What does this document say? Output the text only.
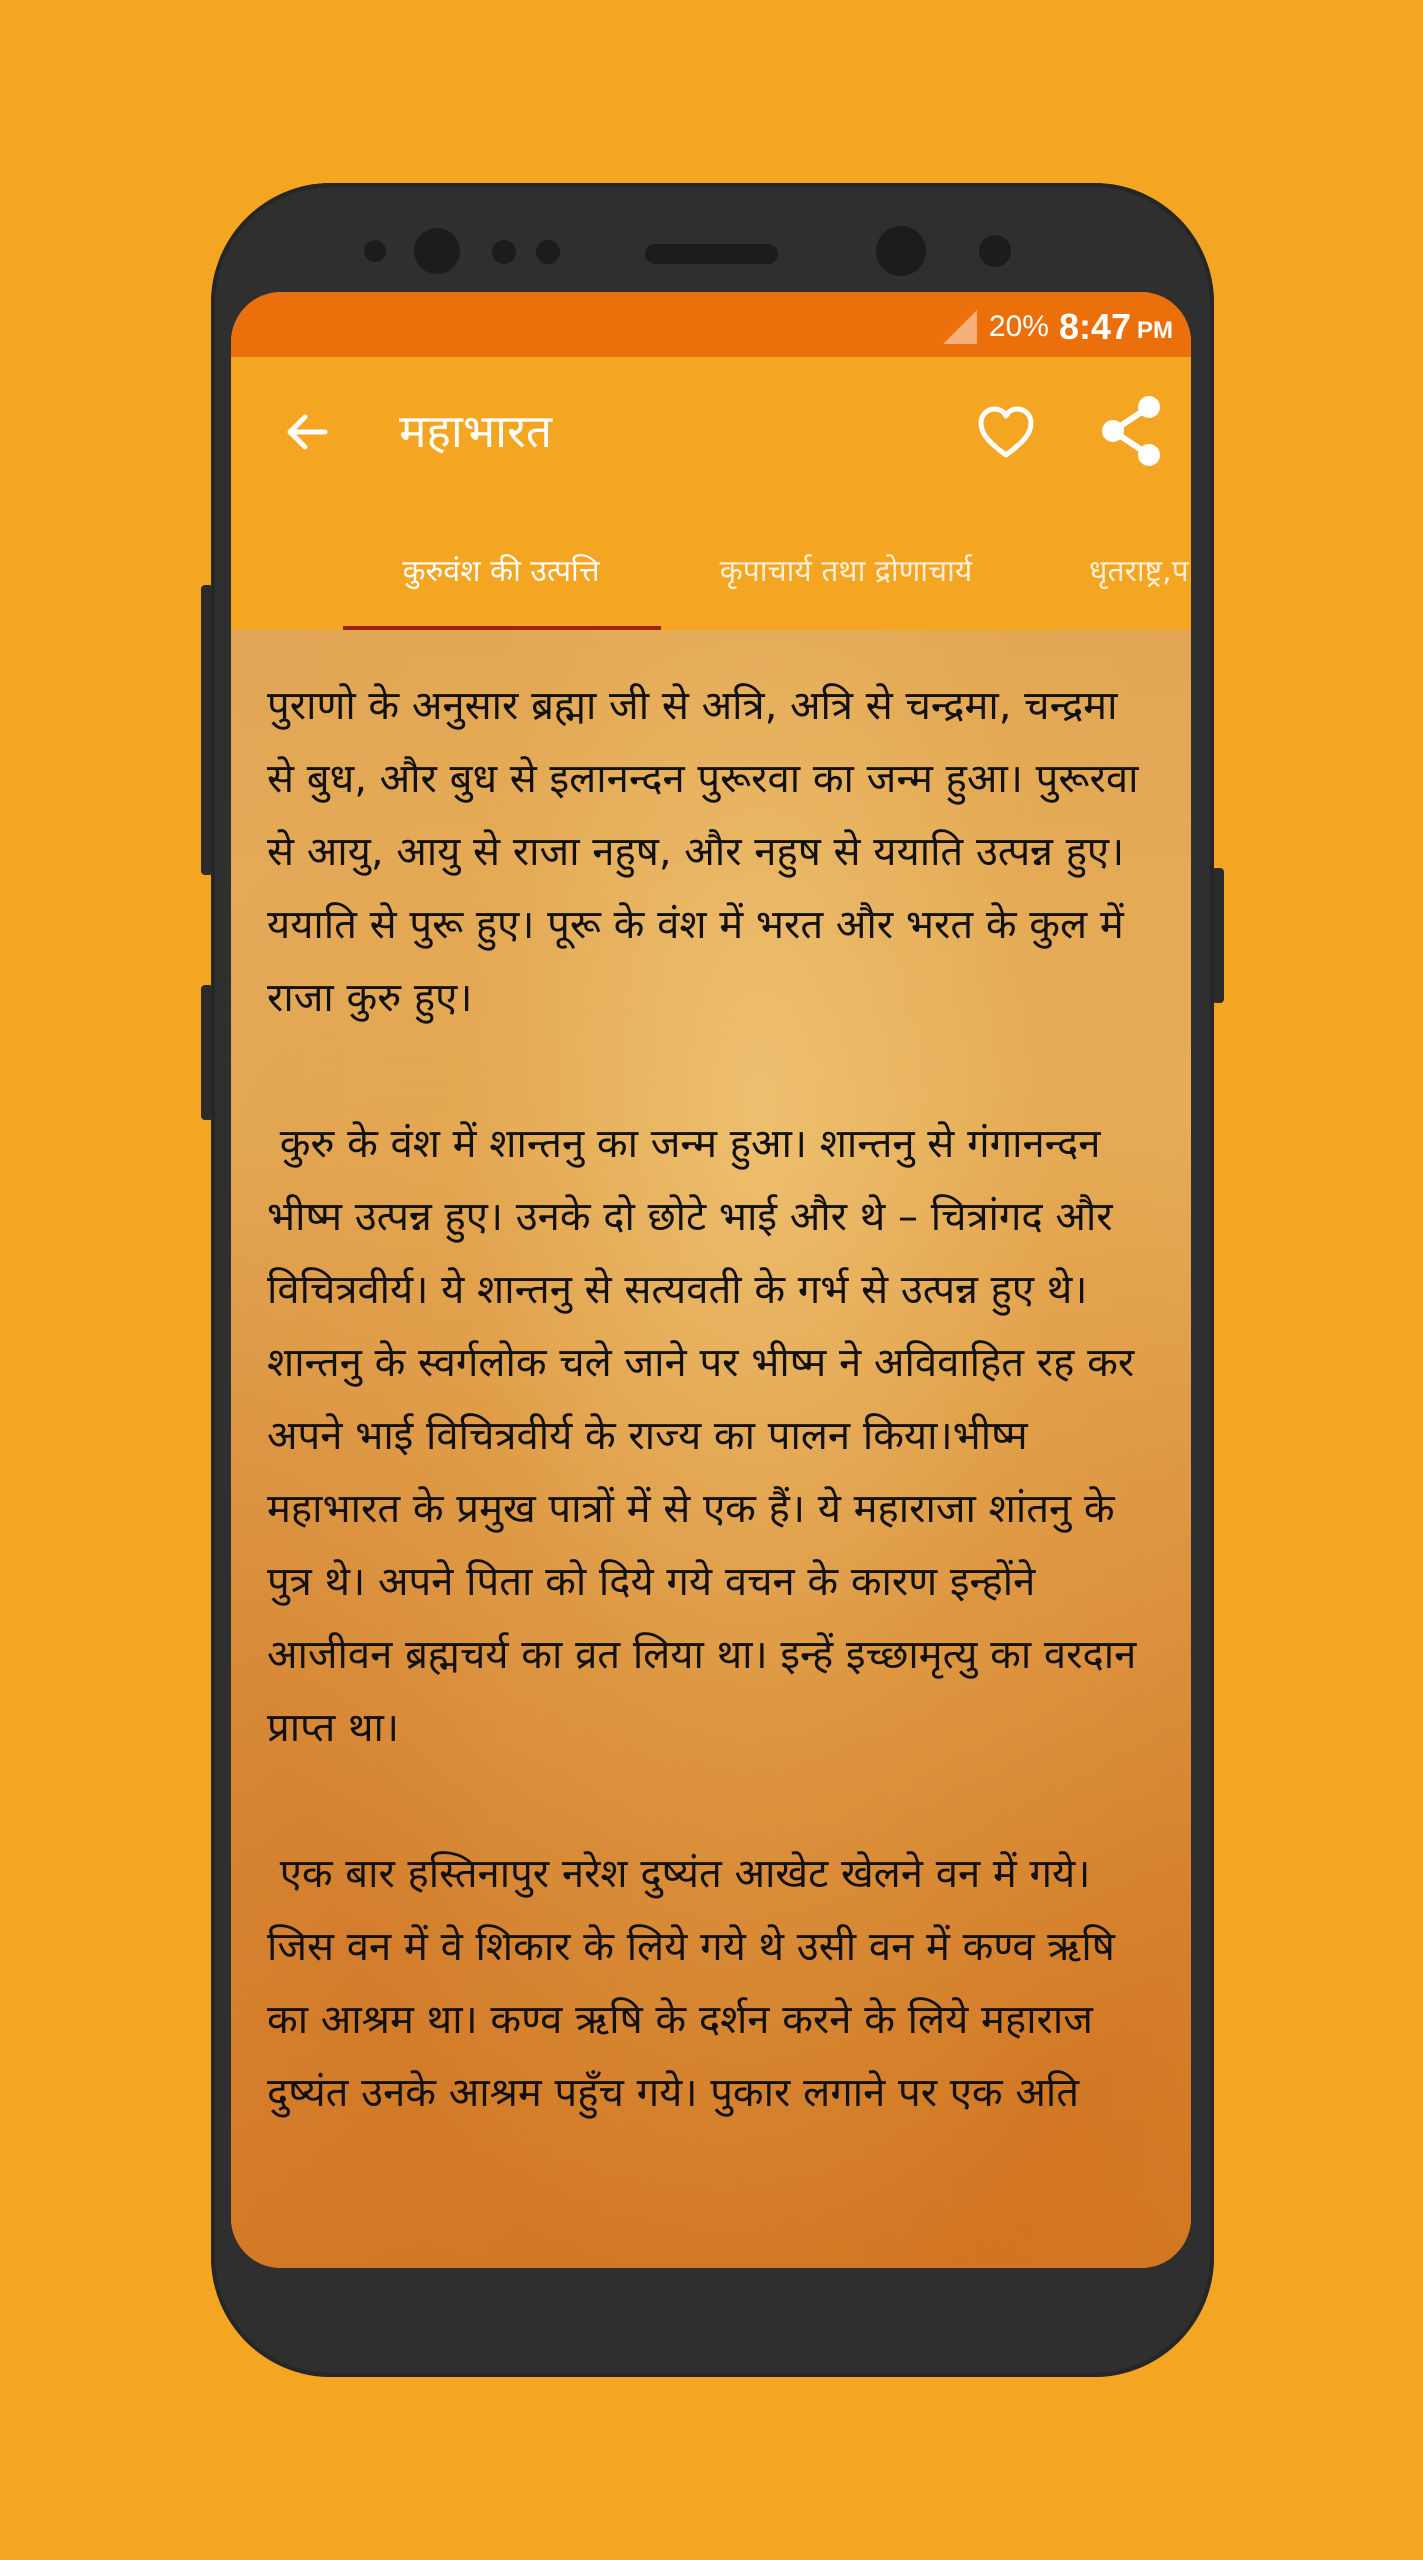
20% 8:47 PM
महाभारत
कुरुवंश की उत्पत्ति	कृपाचार्य तथा द्रोणाचार्य	धृतराष्ट्र,प

पुराणो के अनुसार ब्रह्मा जी से अत्रि, अत्रि से चन्द्रमा, चन्द्रमा से बुध, और बुध से इलानन्दन पुरूरवा का जन्म हुआ। पुरूरवा से आयु, आयु से राजा नहुष, और नहुष से ययाति उत्पन्न हुए। ययाति से पुरू हुए। पूरू के वंश में भरत और भरत के कुल में राजा कुरु हुए।

कुरु के वंश में शान्तनु का जन्म हुआ। शान्तनु से गंगानन्दन भीष्म उत्पन्न हुए। उनके दो छोटे भाई और थे – चित्रांगद और विचित्रवीर्य। ये शान्तनु से सत्यवती के गर्भ से उत्पन्न हुए थे। शान्तनु के स्वर्गलोक चले जाने पर भीष्म ने अविवाहित रह कर अपने भाई विचित्रवीर्य के राज्य का पालन किया।भीष्म महाभारत के प्रमुख पात्रों में से एक हैं। ये महाराजा शांतनु के पुत्र थे। अपने पिता को दिये गये वचन के कारण इन्होंने आजीवन ब्रह्मचर्य का व्रत लिया था। इन्हें इच्छामृत्यु का वरदान प्राप्त था।

एक बार हस्तिनापुर नरेश दुष्यंत आखेट खेलने वन में गये। जिस वन में वे शिकार के लिये गये थे उसी वन में कण्व ऋषि का आश्रम था। कण्व ऋषि के दर्शन करने के लिये महाराज दुष्यंत उनके आश्रम पहुँच गये। पुकार लगाने पर एक अति
